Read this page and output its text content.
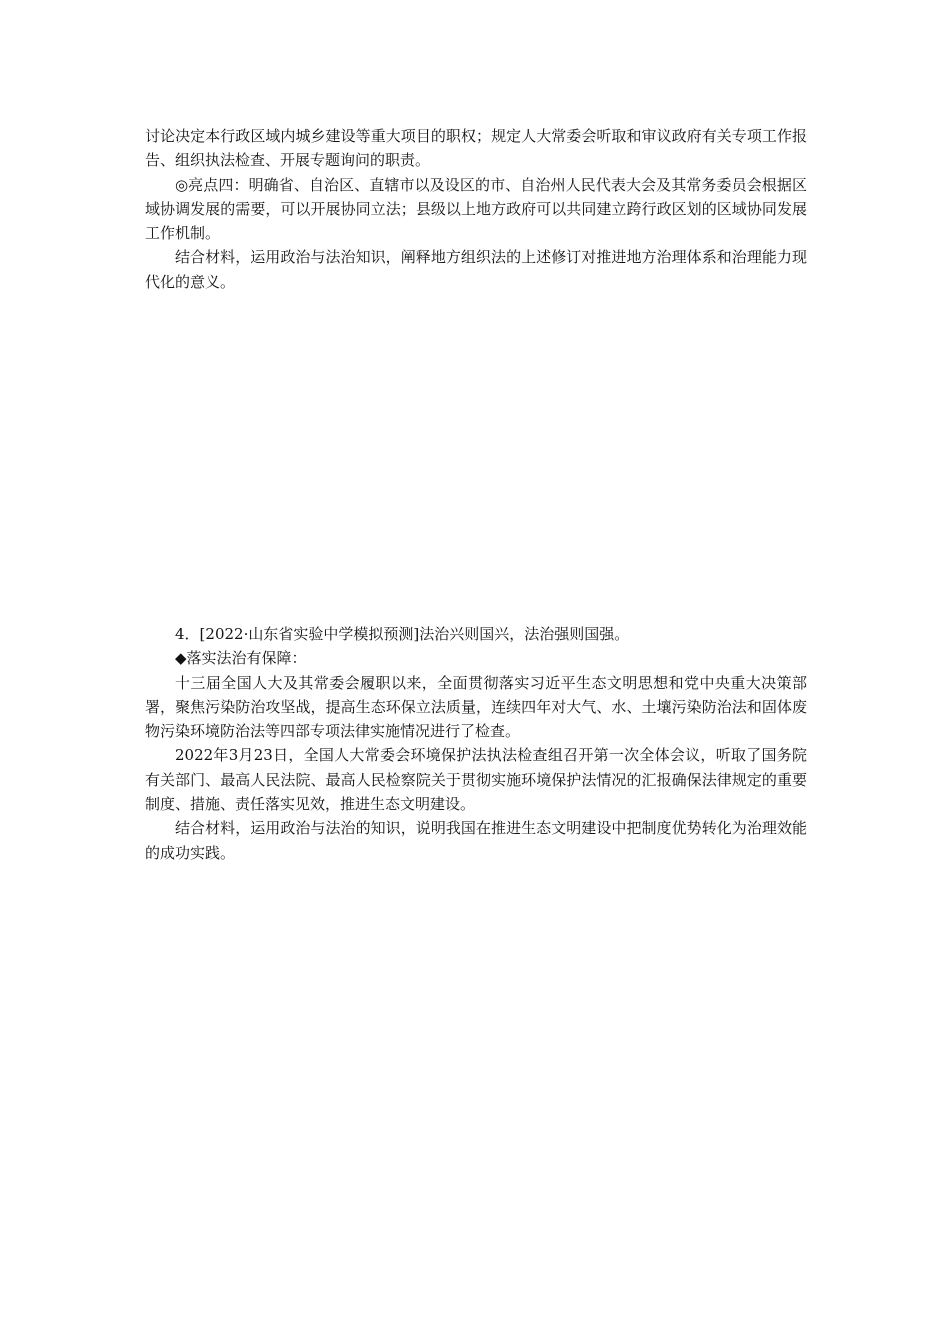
讨论决定本行政区域内城乡建设等重大项目的职权；规定人大常委会听取和审议政府有关专项工作报告、组织执法检查、开展专题询问的职责。

◎亮点四：明确省、自治区、直辖市以及设区的市、自治州人民代表大会及其常务委员会根据区域协调发展的需要，可以开展协同立法；县级以上地方政府可以共同建立跨行政区划的区域协同发展工作机制。

结合材料，运用政治与法治知识，阐释地方组织法的上述修订对推进地方治理体系和治理能力现代化的意义。

4．[2022·山东省实验中学模拟预测]法治兴则国兴，法治强则国强。

◆落实法治有保障：

十三届全国人大及其常委会履职以来，全面贯彻落实习近平生态文明思想和党中央重大决策部署，聚焦污染防治攻坚战，提高生态环保立法质量，连续四年对大气、水、土壤污染防治法和固体废物污染环境防治法等四部专项法律实施情况进行了检查。

2022年3月23日，全国人大常委会环境保护法执法检查组召开第一次全体会议，听取了国务院有关部门、最高人民法院、最高人民检察院关于贯彻实施环境保护法情况的汇报确保法律规定的重要制度、措施、责任落实见效，推进生态文明建设。

结合材料，运用政治与法治的知识，说明我国在推进生态文明建设中把制度优势转化为治理效能的成功实践。
